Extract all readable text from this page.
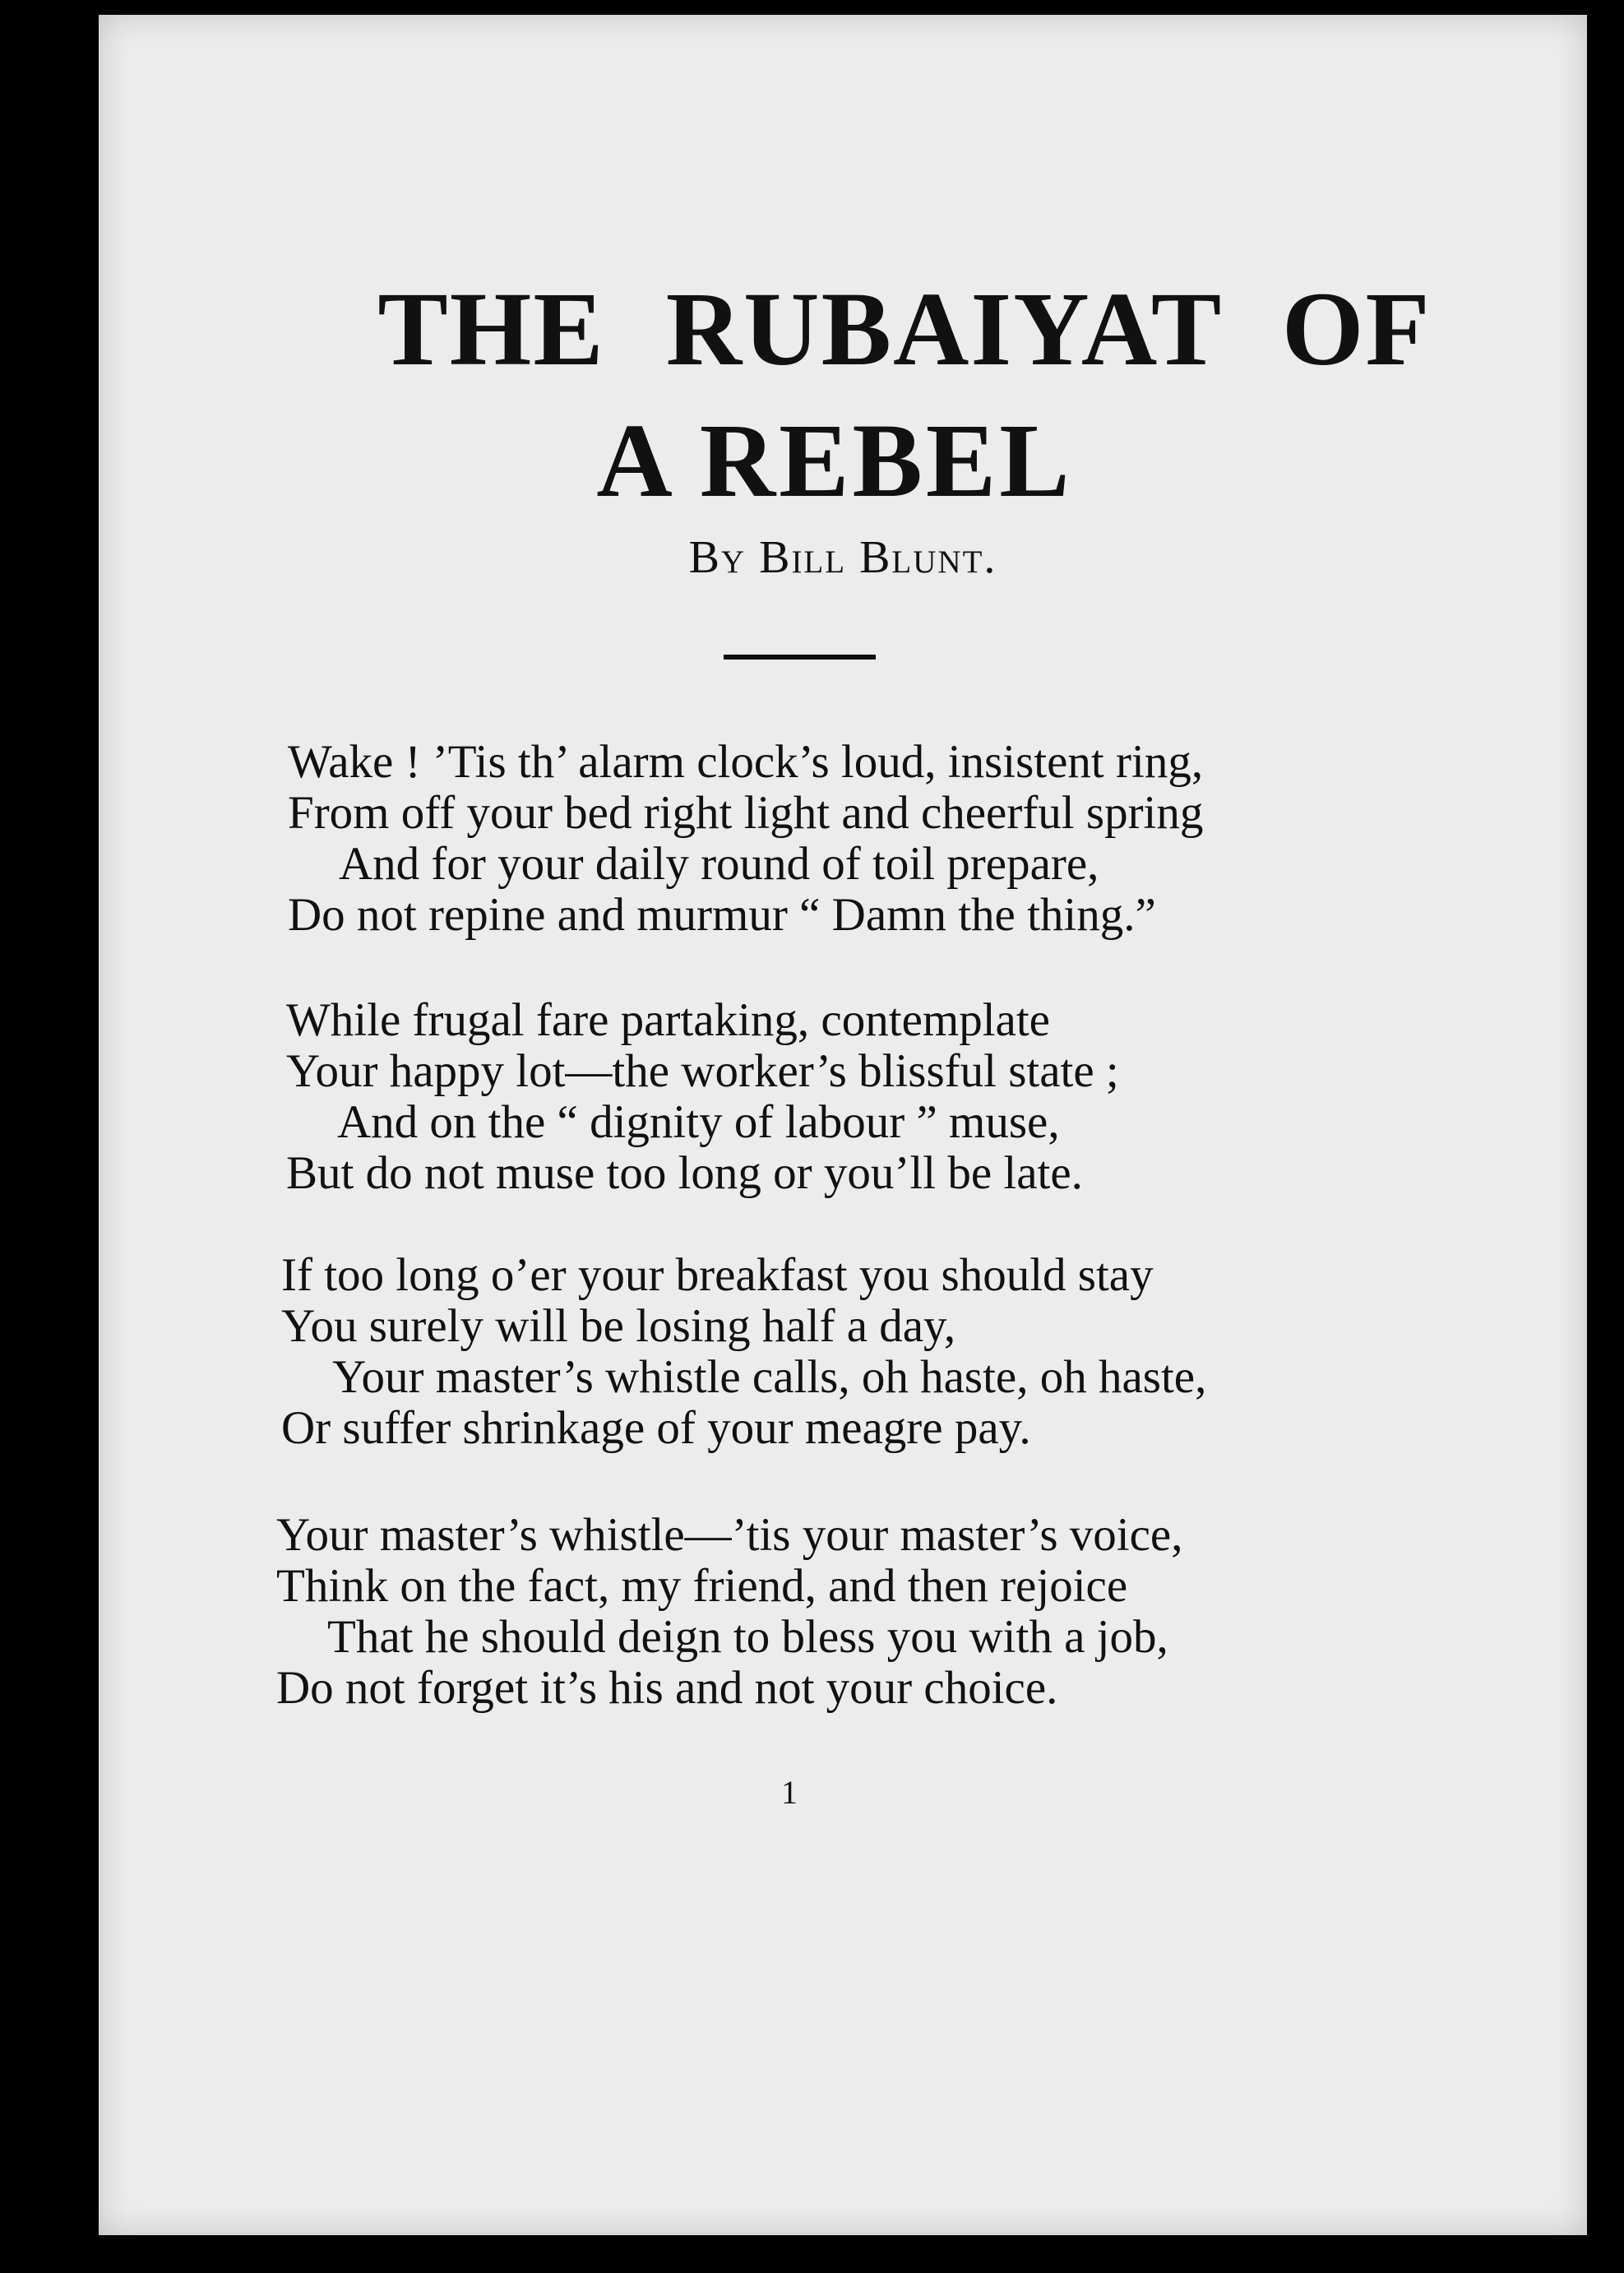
THE RUBAIYAT OF
A REBEL
By Bill Blunt.
Wake ! ’Tis th’ alarm clock’s loud, insistent ring,
From off your bed right light and cheerful spring
And for your daily round of toil prepare,
Do not repine and murmur “ Damn the thing.”
While frugal fare partaking, contemplate
Your happy lot—the worker’s blissful state ;
And on the “ dignity of labour ” muse,
But do not muse too long or you’ll be late.
If too long o’er your breakfast you should stay
You surely will be losing half a day,
Your master’s whistle calls, oh haste, oh haste,
Or suffer shrinkage of your meagre pay.
Your master’s whistle—’tis your master’s voice,
Think on the fact, my friend, and then rejoice
That he should deign to bless you with a job,
Do not forget it’s his and not your choice.
1
